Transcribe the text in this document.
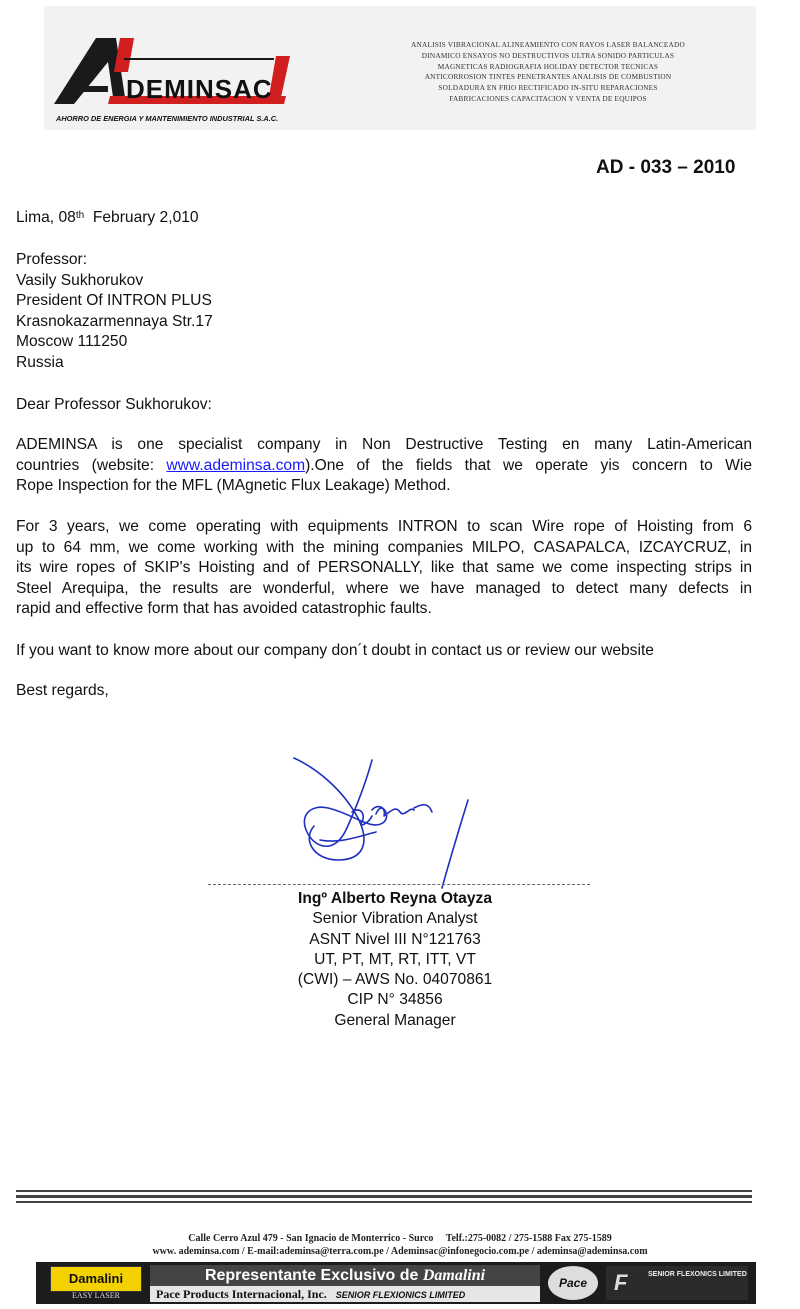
DEMINSAC
AHORRO DE ENERGIA Y MANTENIMIENTO INDUSTRIAL S.A.C.
ANALISIS VIBRACIONAL ALINEAMIENTO CON RAYOS LASER BALANCEADO
DINAMICO ENSAYOS NO DESTRUCTIVOS ULTRA SONIDO PARTICULAS
MAGNETICAS RADIOGRAFIA HOLIDAY DETECTOR TECNICAS
ANTICORROSION TINTES PENETRANTES ANALISIS DE COMBUSTION
SOLDADURA EN FRIO RECTIFICADO IN-SITU REPARACIONES
FABRICACIONES CAPACITACION Y VENTA DE EQUIPOS
AD - 033 – 2010
Lima, 08th February 2,010
Professor:
Vasily Sukhorukov
President Of INTRON PLUS
Krasnokazarmennaya Str.17
Moscow 111250
Russia
Dear Professor Sukhorukov:
ADEMINSA is one specialist company in Non Destructive Testing en many Latin-American
countries (website: www.ademinsa.com).One of the fields that we operate yis concern to Wie
Rope Inspection for the MFL (MAgnetic Flux Leakage) Method.
For 3 years, we come operating with equipments INTRON to scan Wire rope of Hoisting from 6
up to 64 mm, we come working with the mining companies MILPO, CASAPALCA, IZCAYCRUZ, in
its wire ropes of SKIP's Hoisting and of PERSONALLY, like that same we come inspecting strips in
Steel Arequipa, the results are wonderful, where we have managed to detect many defects in
rapid and effective form that has avoided catastrophic faults.
If you want to know more about our company don´t doubt in contact us or review our website
Best regards,
Ingº Alberto Reyna Otayza
Senior Vibration Analyst
ASNT Nivel III N°121763
UT, PT, MT, RT, ITT, VT
(CWI) – AWS No. 04070861
CIP N° 34856
General Manager
Calle Cerro Azul 479 - San Ignacio de Monterrico - Surco     Telf.:275-0082 / 275-1588 Fax 275-1589
www. ademinsa.com / E-mail:ademinsa@terra.com.pe / Ademinsac@infonegocio.com.pe / ademinsa@ademinsa.com
Damalini
EASY LASER
Representante Exclusivo de Damalini
Pace Products Internacional, Inc. SENIOR FLEXIONICS LIMITED
Pace	F	SENIOR FLEXONICS LIMITED
